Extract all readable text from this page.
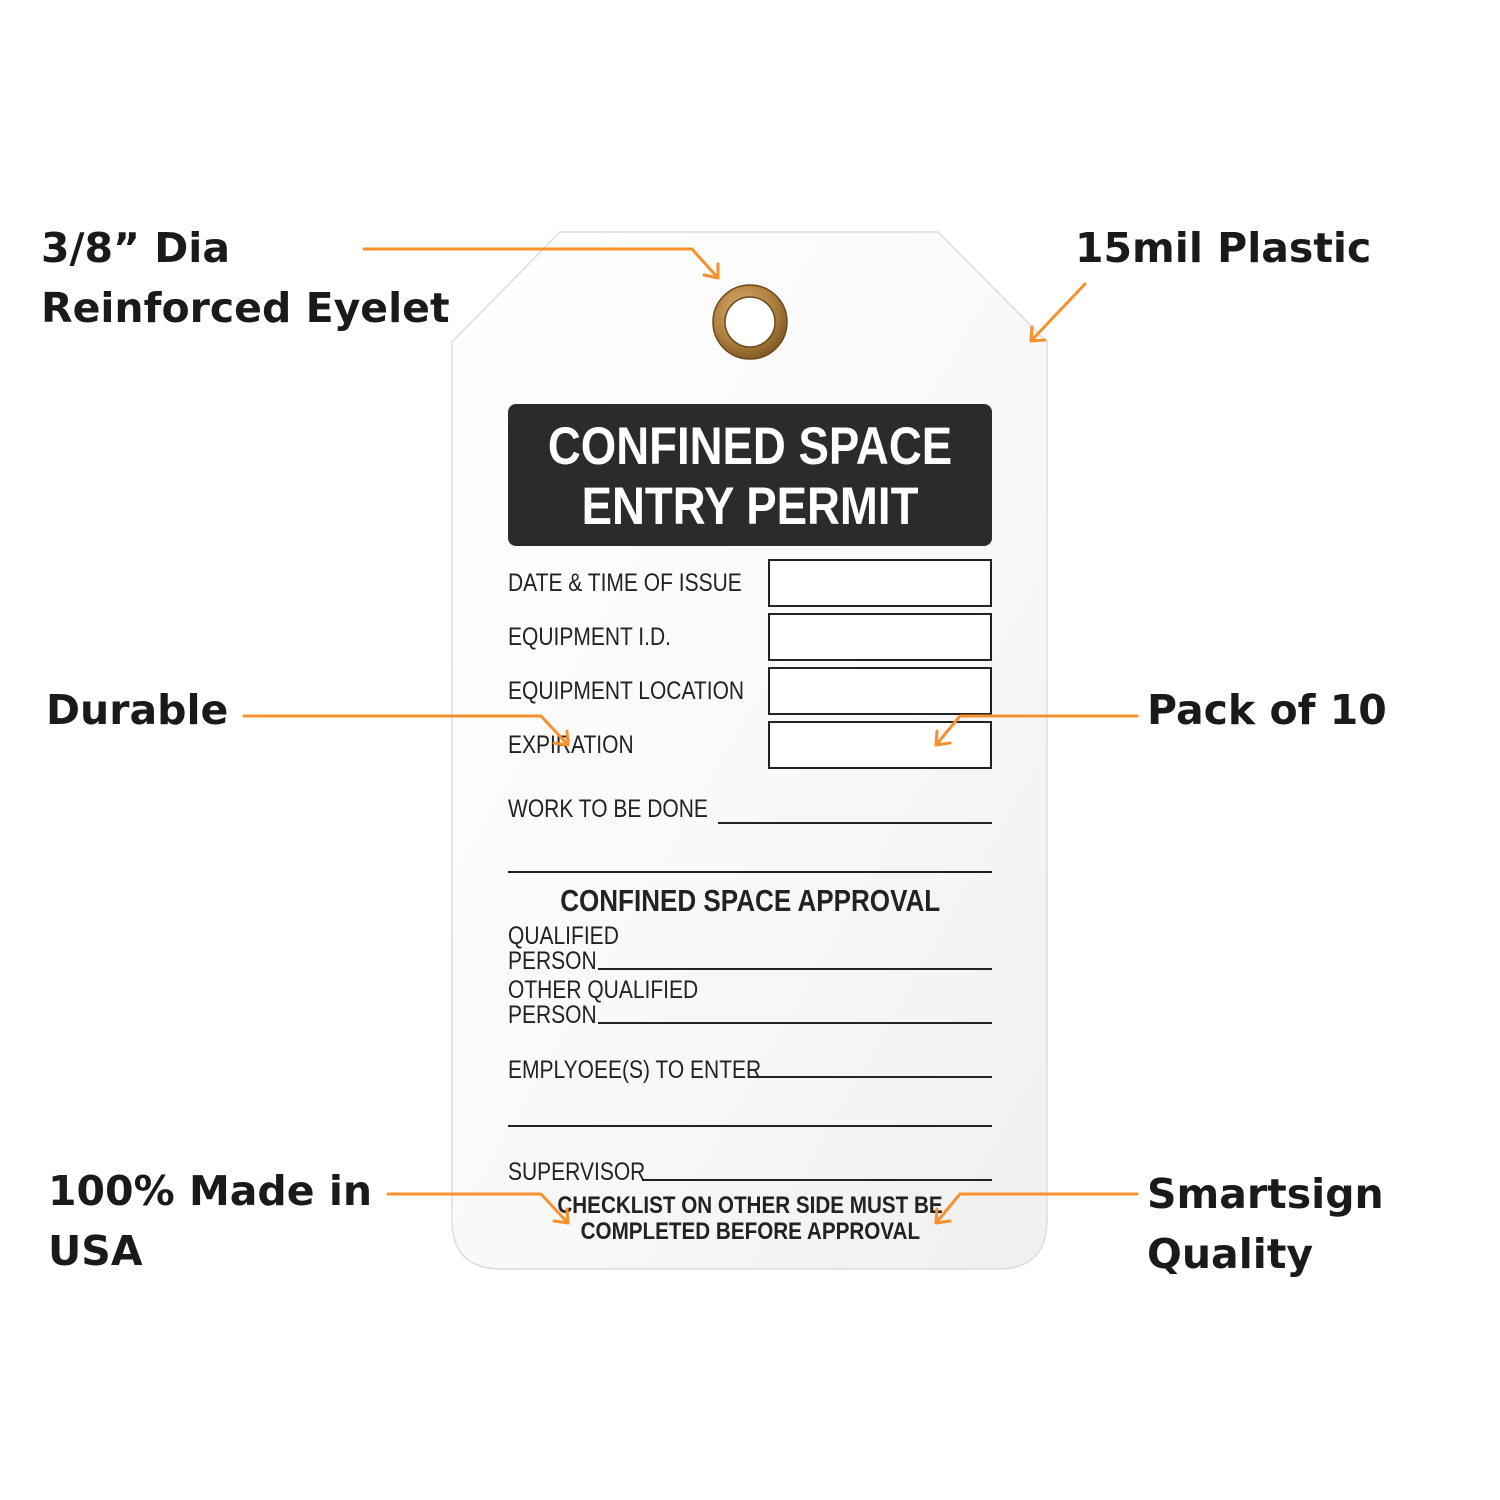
CONFINED SPACE
ENTRY PERMIT
DATE & TIME OF ISSUE
EQUIPMENT I.D.
EQUIPMENT LOCATION
EXPIRATION
WORK TO BE DONE
CONFINED SPACE APPROVAL
QUALIFIED
PERSON
OTHER QUALIFIED
PERSON
EMPLYOEE(S) TO ENTER
SUPERVISOR
CHECKLIST ON OTHER SIDE MUST BE
COMPLETED BEFORE APPROVAL
3/8” Dia
Reinforced Eyelet
15mil Plastic
Durable	Pack of 10
100% Made in
USA
Smartsign
Quality
